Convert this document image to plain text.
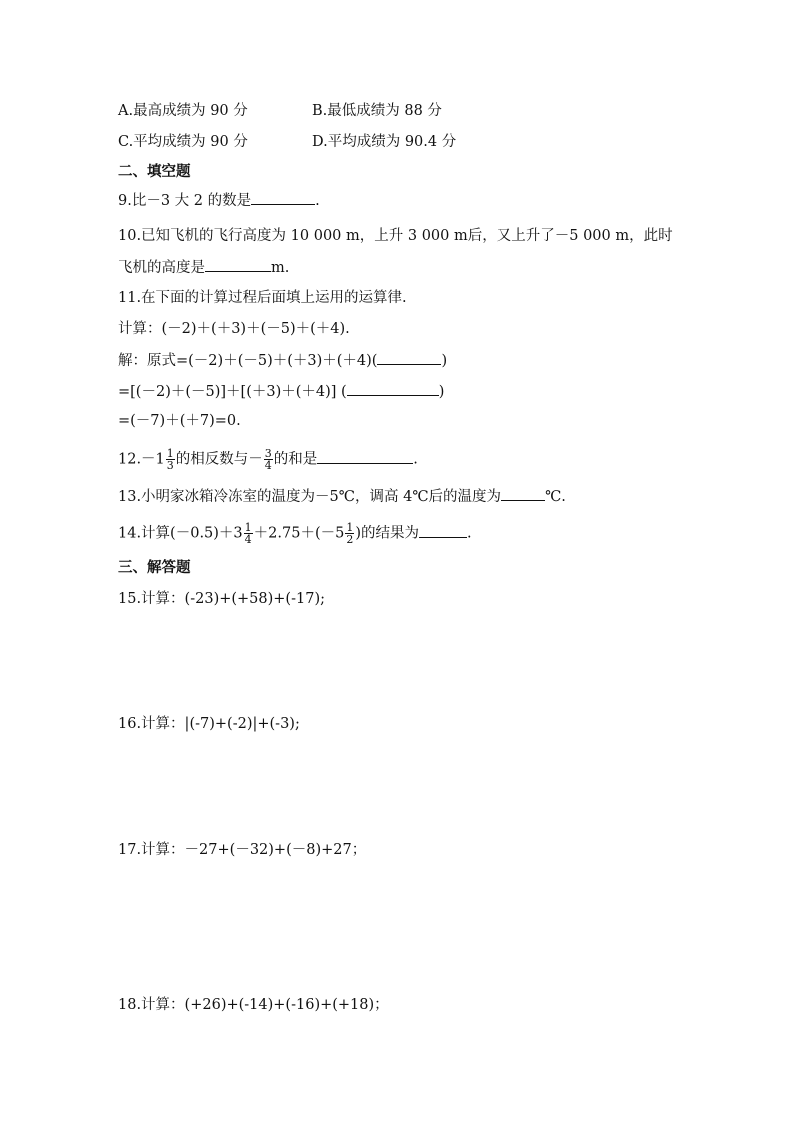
A.最高成绩为 90 分	B.最低成绩为 88 分
C.平均成绩为 90 分	D.平均成绩为 90.4 分
二、填空题
9.比－3 大 2 的数是	.
10.已知飞机的飞行高度为 10 000 m，上升 3 000 m后，又上升了－5 000 m，此时
飞机的高度是	m.
11.在下面的计算过程后面填上运用的运算律.
计算：(－2)＋(＋3)＋(－5)＋(＋4).
解：原式=(－2)＋(－5)＋(＋3)＋(＋4)(	)
=[(－2)＋(－5)]＋[(＋3)＋(＋4)] (	)
=(－7)＋(＋7)=0.
$12.-1 \frac{1}{3}$ 的相反数与－ $\frac{3}{4}$ 的和是	.
13.小明家冰箱冷冻室的温度为－5℃，调高 4℃后的温度为	℃.
14.计算$(-0.5)+3 \frac{1}{4} +2.75+(-5 \frac{1}{2}$ )的结果为	.
三、解答题
15.计算：(-23)+(+58)+(-17);
16.计算：|(-7)+(-2)|+(-3);
17.计算：－27+(－32)+(－8)+27；
18.计算：(+26)+(-14)+(-16)+(+18)；
